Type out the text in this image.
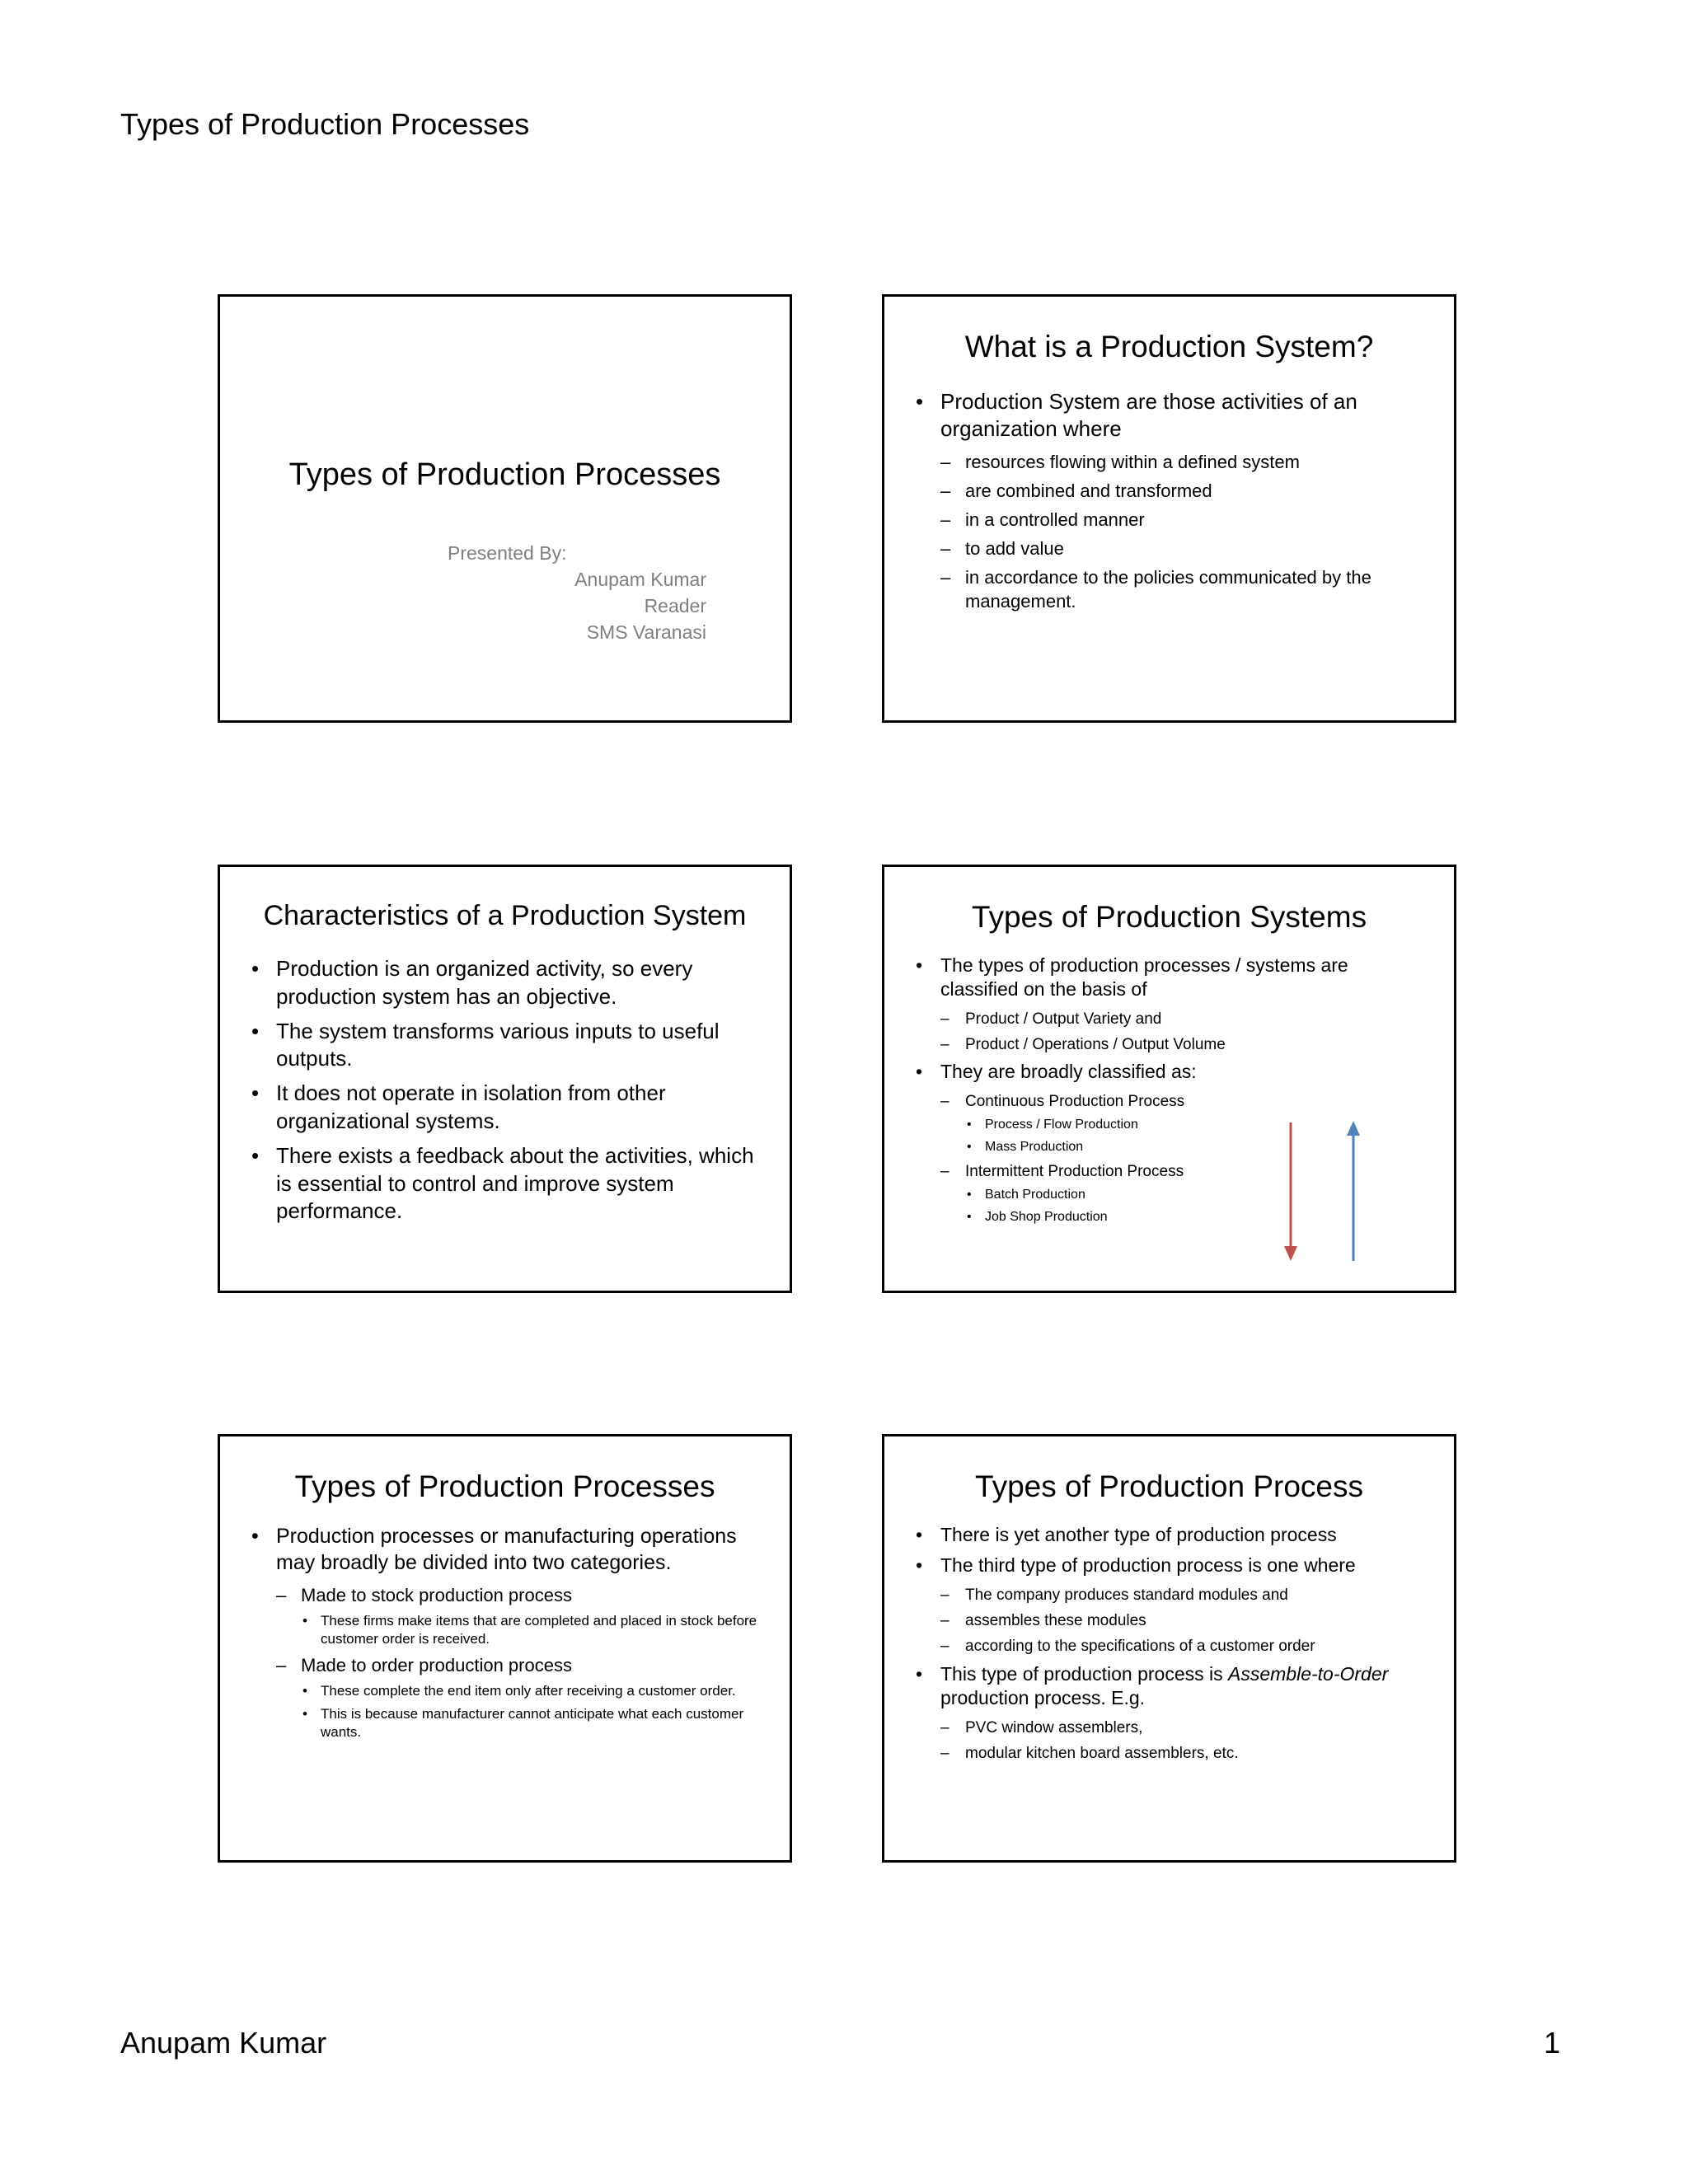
Types of Production Processes
Types of Production Processes
Presented By:
Anupam Kumar
Reader
SMS Varanasi
What is a Production System?
• Production System are those activities of an organization where
– resources flowing within a defined system
– are combined and transformed
– in a controlled manner
– to add value
– in accordance to the policies communicated by the management.
Characteristics of a Production System
• Production is an organized activity, so every production system has an objective.
• The system transforms various inputs to useful outputs.
• It does not operate in isolation from other organizational systems.
• There exists a feedback about the activities, which is essential to control and improve system performance.
Types of Production Systems
• The types of production processes / systems are classified on the basis of
– Product / Output Variety and
– Product / Operations / Output Volume
• They are broadly classified as:
– Continuous Production Process
• Process / Flow Production
• Mass Production
– Intermittent Production Process
• Batch Production
• Job Shop Production
Types of Production Processes
• Production processes or manufacturing operations may broadly be divided into two categories.
– Made to stock production process
• These firms make items that are completed and placed in stock before customer order is received.
– Made to order production process
• These complete the end item only after receiving a customer order.
• This is because manufacturer cannot anticipate what each customer wants.
Types of Production Process
• There is yet another type of production process
• The third type of production process is one where
– The company produces standard modules and
– assembles these modules
– according to the specifications of a customer order
• This type of production process is Assemble-to-Order production process. E.g.
– PVC window assemblers,
– modular kitchen board assemblers, etc.
Anupam Kumar	1
